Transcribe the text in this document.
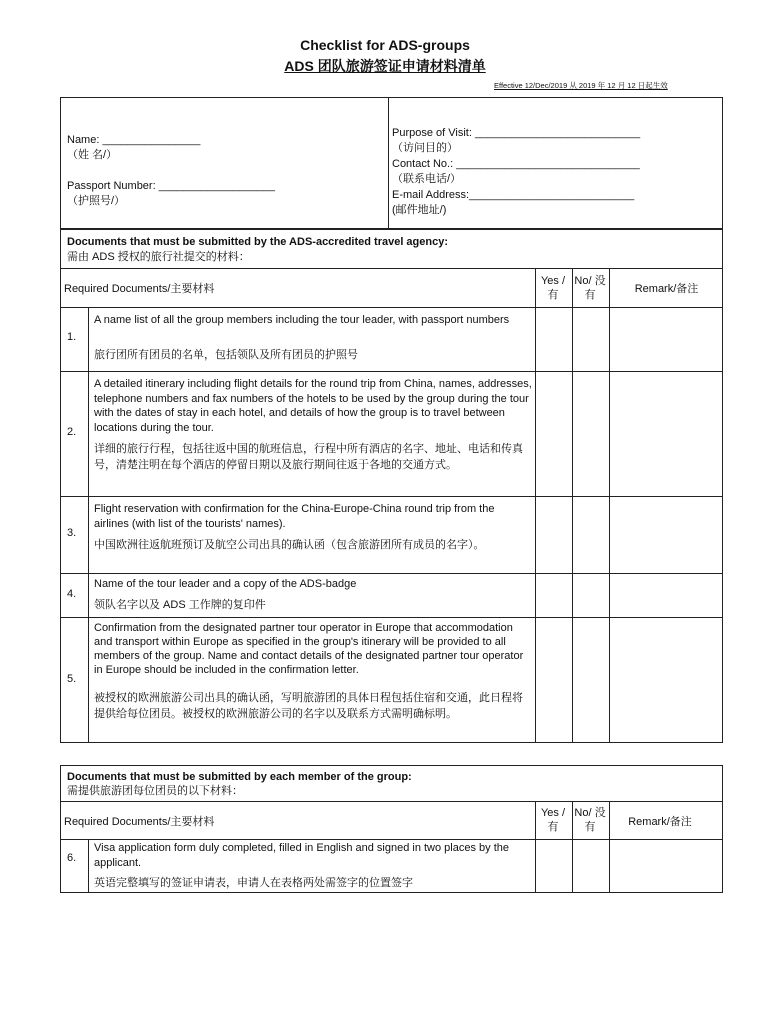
Checklist for ADS-groups
ADS 团队旅游签证申请材料清单
Effective 12/Dec/2019 从 2019 年 12 月 12 日起生效
Name: ________________
（姓 名/）
Passport Number: ___________________
（护照号/）
Purpose of Visit: ___________________________
（访问目的）
Contact No.: ______________________________
（联系电话/）
E-mail Address:___________________________
(邮件地址/)
Documents that must be submitted by the ADS-accredited travel agency:
需由 ADS 授权的旅行社提交的材料：
Required Documents/主要材料
Yes /有
No/ 没有	Remark/备注
1.
A name list of all the group members including the tour leader, with passport numbers
旅行团所有团员的名单，包括领队及所有团员的护照号
2.
A detailed itinerary including flight details for the round trip from China, names, addresses, telephone numbers and fax numbers of the hotels to be used by the group during the tour with the dates of stay in each hotel, and details of how the group is to travel between locations during the tour.
详细的旅行行程，包括往返中国的航班信息，行程中所有酒店的名字、地址、电话和传真号，清楚注明在每个酒店的停留日期以及旅行期间往返于各地的交通方式。
3.
Flight reservation with confirmation for the China-Europe-China round trip from the airlines (with list of the tourists' names).
中国欧洲往返航班预订及航空公司出具的确认函（包含旅游团所有成员的名字）。
4.
Name of the tour leader and a copy of the ADS-badge
领队名字以及 ADS 工作牌的复印件
5.
Confirmation from the designated partner tour operator in Europe that accommodation and transport within Europe as specified in the group's itinerary will be provided to all members of the group. Name and contact details of the designated partner tour operator in Europe should be included in the confirmation letter.
被授权的欧洲旅游公司出具的确认函，写明旅游团的具体日程包括住宿和交通，此日程将提供给每位团员。被授权的欧洲旅游公司的名字以及联系方式需明确标明。
Documents that must be submitted by each member of the group:
需提供旅游团每位团员的以下材料：
Required Documents/主要材料
Yes /有
No/ 没有	Remark/备注
6.
Visa application form duly completed, filled in English and signed in two places by the applicant.
英语完整填写的签证申请表，申请人在表格两处需签字的位置签字
